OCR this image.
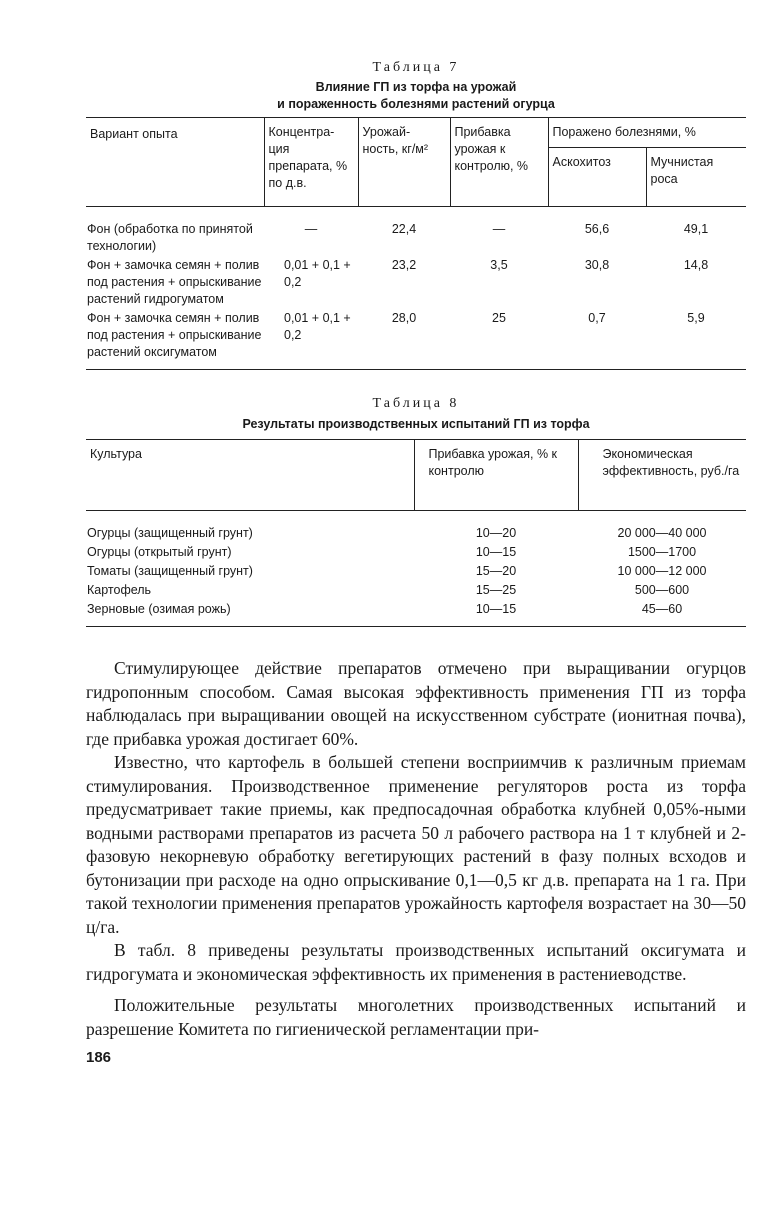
Таблица 7
Влияние ГП из торфа на урожай
и пораженность болезнями растений огурца
Вариант опыта	Концентра- ция препарата, % по д.в.	Урожай- ность, кг/м²	Прибавка урожая к контролю, %	Поражено болезнями, %	
				Аскохитоз	Мучнистая роса
Фон (обработка по принятой технологии)	—	22,4	—	56,6	49,1
Фон + замочка семян + полив под растения + опрыскивание растений гидрогуматом	0,01 + 0,1 + 0,2	23,2	3,5	30,8	14,8
Фон + замочка семян + полив под растения + опрыскивание растений оксигуматом	0,01 + 0,1 + 0,2	28,0	25	0,7	5,9
Таблица 8
Результаты производственных испытаний ГП из торфа
Культура	Прибавка урожая, % к контролю	Экономическая эффективность, руб./га
Огурцы (защищенный грунт)	10—20	20 000—40 000
Огурцы (открытый грунт)	10—15	1500—1700
Томаты (защищенный грунт)	15—20	10 000—12 000
Картофель	15—25	500—600
Зерновые (озимая рожь)	10—15	45—60

Стимулирующее действие препаратов отмечено при выращивании огурцов гидропонным способом. Самая высокая эффективность применения ГП из торфа наблюдалась при выращивании овощей на искусственном субстрате (ионитная почва), где прибавка урожая достигает 60%.

Известно, что картофель в большей степени восприимчив к различным приемам стимулирования. Производственное применение регуляторов роста из торфа предусматривает такие приемы, как предпосадочная обработка клубней 0,05%-ными водными растворами препаратов из расчета 50 л рабочего раствора на 1 т клубней и 2-фазовую некорневую обработку вегетирующих растений в фазу полных всходов и бутонизации при расходе на одно опрыскивание 0,1—0,5 кг д.в. препарата на 1 га. При такой технологии применения препаратов урожайность картофеля возрастает на 30—50 ц/га.

В табл. 8 приведены результаты производственных испытаний оксигумата и гидрогумата и экономическая эффективность их применения в растениеводстве.

Положительные результаты многолетних производственных испытаний и разрешение Комитета по гигиенической регламентации при-

186
